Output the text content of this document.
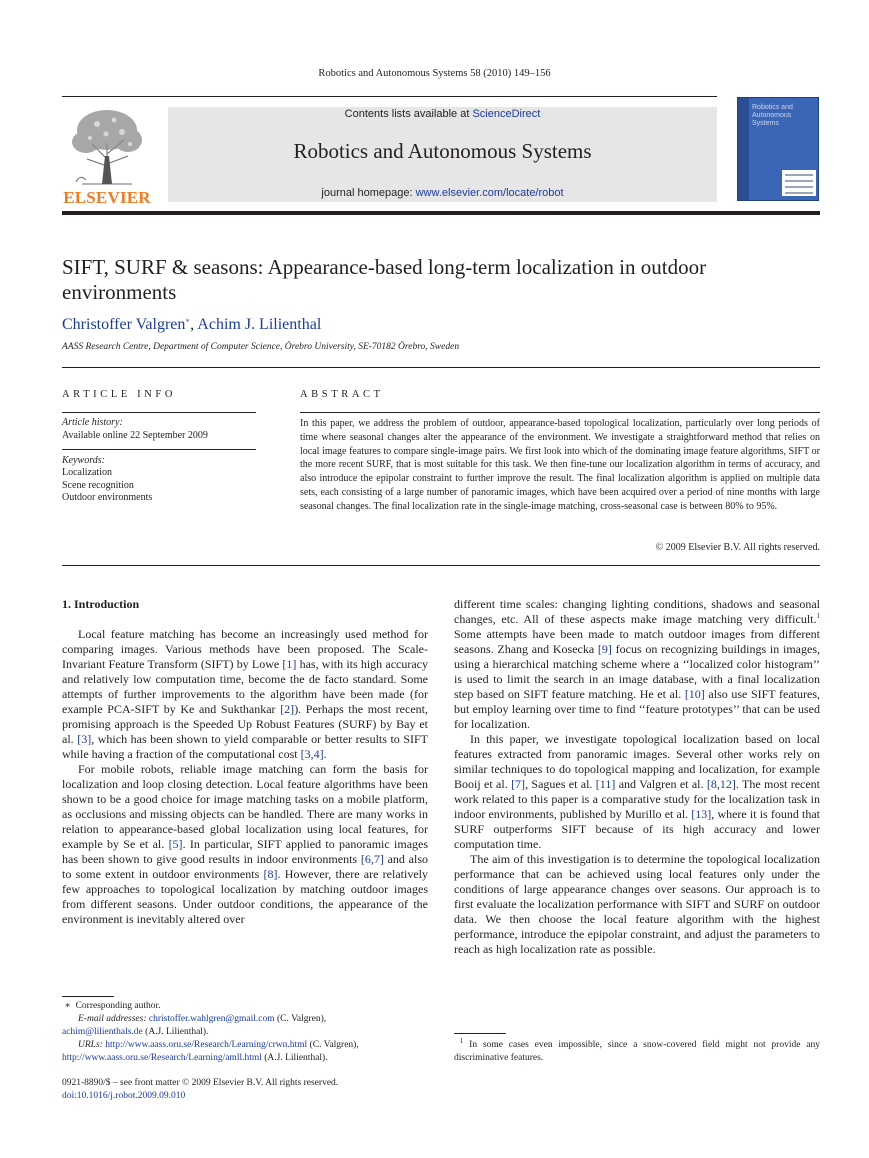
Robotics and Autonomous Systems 58 (2010) 149–156
ELSEVIER
Contents lists available at ScienceDirect
Robotics and Autonomous Systems
journal homepage: www.elsevier.com/locate/robot
Robotics and Autonomous Systems
SIFT, SURF & seasons: Appearance-based long-term localization in outdoor environments
Christoffer Valgren∗, Achim J. Lilienthal
AASS Research Centre, Department of Computer Science, Örebro University, SE-70182 Örebro, Sweden
ARTICLE INFO
Article history:
Available online 22 September 2009
Keywords:
Localization
Scene recognition
Outdoor environments
ABSTRACT
In this paper, we address the problem of outdoor, appearance-based topological localization, particularly over long periods of time where seasonal changes alter the appearance of the environment. We investigate a straightforward method that relies on local image features to compare single-image pairs. We first look into which of the dominating image feature algorithms, SIFT or the more recent SURF, that is most suitable for this task. We then fine-tune our localization algorithm in terms of accuracy, and also introduce the epipolar constraint to further improve the result. The final localization algorithm is applied on multiple data sets, each consisting of a large number of panoramic images, which have been acquired over a period of nine months with large seasonal changes. The final localization rate in the single-image matching, cross-seasonal case is between 80% to 95%.
© 2009 Elsevier B.V. All rights reserved.

1. Introduction

Local feature matching has become an increasingly used method for comparing images. Various methods have been proposed. The Scale-Invariant Feature Transform (SIFT) by Lowe [1] has, with its high accuracy and relatively low computation time, become the de facto standard. Some attempts of further improvements to the algorithm have been made (for example PCA-SIFT by Ke and Sukthankar [2]). Perhaps the most recent, promising approach is the Speeded Up Robust Features (SURF) by Bay et al. [3], which has been shown to yield comparable or better results to SIFT while having a fraction of the computational cost [3,4].

For mobile robots, reliable image matching can form the basis for localization and loop closing detection. Local feature algorithms have been shown to be a good choice for image matching tasks on a mobile platform, as occlusions and missing objects can be handled. There are many works in relation to appearance-based global localization using local features, for example by Se et al. [5]. In particular, SIFT applied to panoramic images has been shown to give good results in indoor environments [6,7] and also to some extent in outdoor environments [8]. However, there are relatively few approaches to topological localization by matching outdoor images from different seasons. Under outdoor conditions, the appearance of the environment is inevitably altered over

different time scales: changing lighting conditions, shadows and seasonal changes, etc. All of these aspects make image matching very difficult.$^1$ Some attempts have been made to match outdoor images from different seasons. Zhang and Kosecka [9] focus on recognizing buildings in images, using a hierarchical matching scheme where a ‘‘localized color histogram’’ is used to limit the search in an image database, with a final localization step based on SIFT feature matching. He et al. [10] also use SIFT features, but employ learning over time to find ‘‘feature prototypes’’ that can be used for localization.

In this paper, we investigate topological localization based on local features extracted from panoramic images. Several other works rely on similar techniques to do topological mapping and localization, for example Booij et al. [7], Sagues et al. [11] and Valgren et al. [8,12]. The most recent work related to this paper is a comparative study for the localization task in indoor environments, published by Murillo et al. [13], where it is found that SURF outperforms SIFT because of its high accuracy and lower computation time.

The aim of this investigation is to determine the topological localization performance that can be achieved using local features only under the conditions of large appearance changes over seasons. Our approach is to first evaluate the localization performance with SIFT and SURF on outdoor data. We then choose the local feature algorithm with the highest performance, introduce the epipolar constraint, and adjust the parameters to reach as high localization rate as possible.

∗ Corresponding author.
E-mail addresses: christoffer.wahlgren@gmail.com (C. Valgren),
achim@lilienthals.de (A.J. Lilienthal).
URLs: http://www.aass.oru.se/Research/Learning/crwn.html (C. Valgren),
http://www.aass.oru.se/Research/Learning/amll.html (A.J. Lilienthal).
0921-8890/$ – see front matter © 2009 Elsevier B.V. All rights reserved.
doi:10.1016/j.robot.2009.09.010
$^1$ In some cases even impossible, since a snow-covered field might not provide any discriminative features.
